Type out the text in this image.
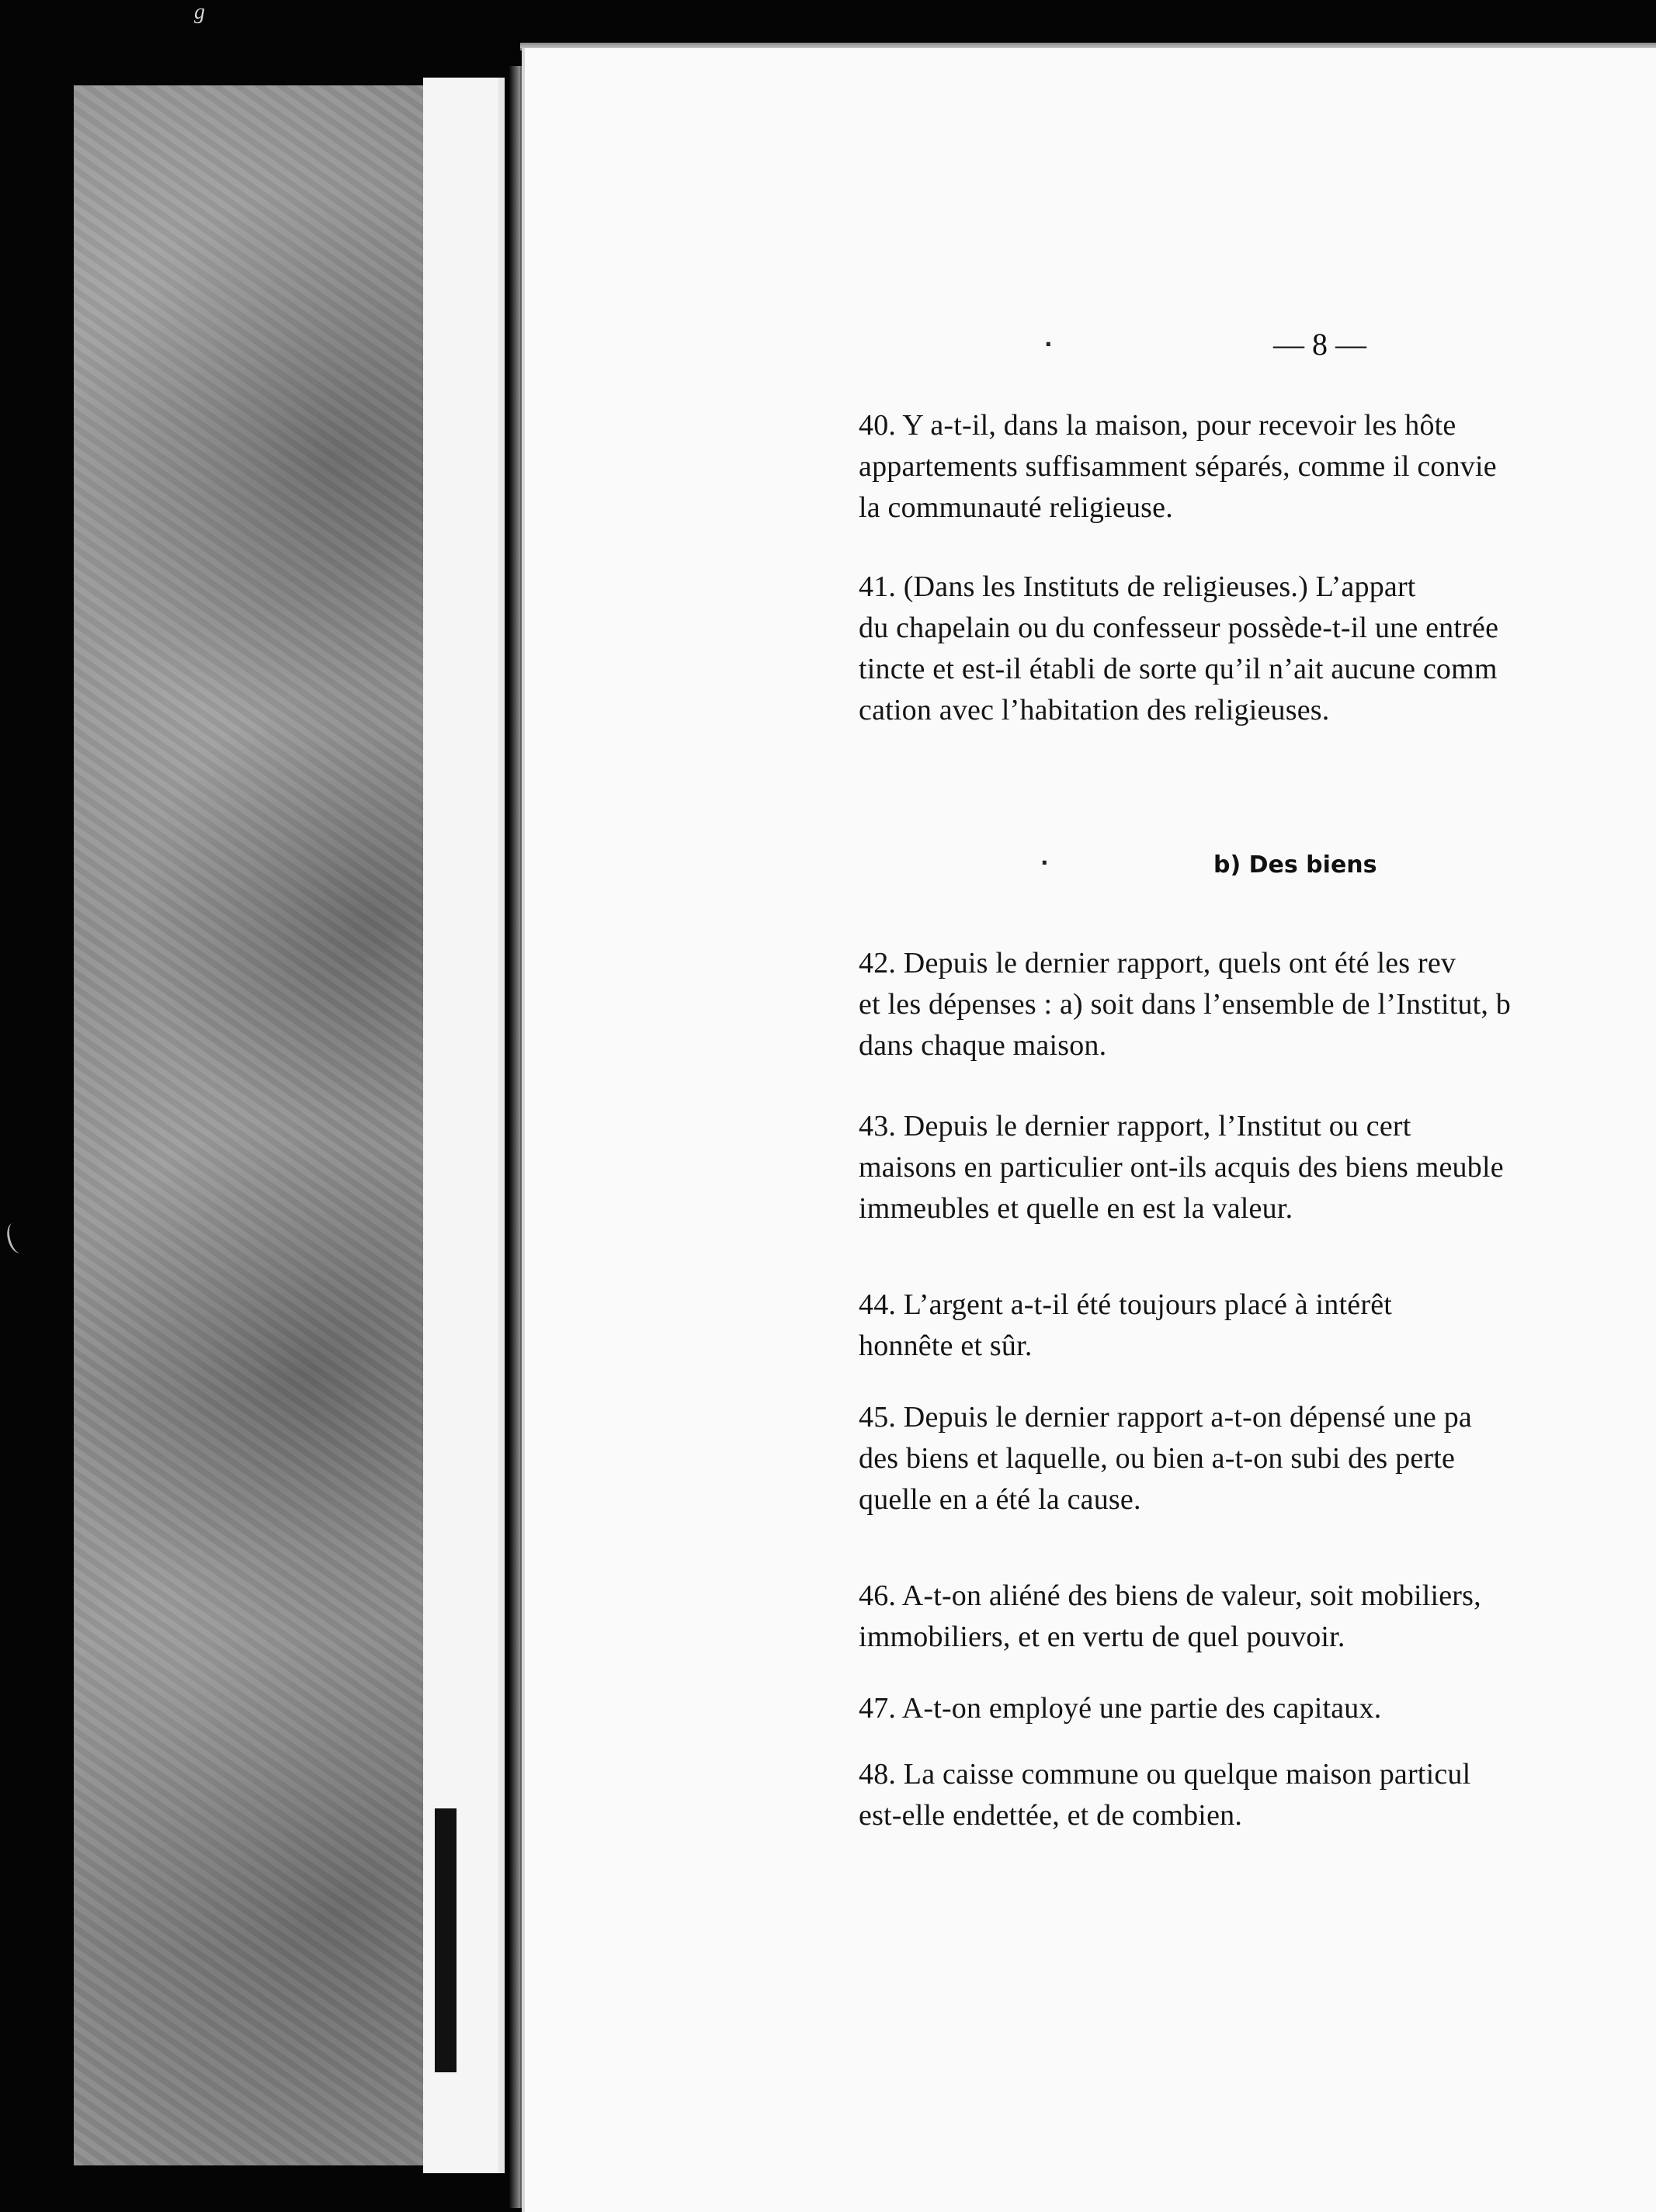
g
.
.
— 8 —
40. Y a-t-il, dans la maison, pour recevoir les hôte
appartements suffisamment séparés, comme il convie
la communauté religieuse.
41. (Dans les Instituts de religieuses.) L’appart
du chapelain ou du confesseur possède-t-il une entrée
tincte et est-il établi de sorte qu’il n’ait aucune comm
cation avec l’habitation des religieuses.
b) Des biens
42. Depuis le dernier rapport, quels ont été les rev
et les dépenses : a) soit dans l’ensemble de l’Institut, b
dans chaque maison.
43. Depuis le dernier rapport, l’Institut ou cert
maisons en particulier ont-ils acquis des biens meuble
immeubles et quelle en est la valeur.
44. L’argent a-t-il été toujours placé à intérêt
honnête et sûr.
45. Depuis le dernier rapport a-t-on dépensé une pa
des biens et laquelle, ou bien a-t-on subi des perte
quelle en a été la cause.
46. A-t-on aliéné des biens de valeur, soit mobiliers,
immobiliers, et en vertu de quel pouvoir.
47. A-t-on employé une partie des capitaux.
48. La caisse commune ou quelque maison particul
est-elle endettée, et de combien.
